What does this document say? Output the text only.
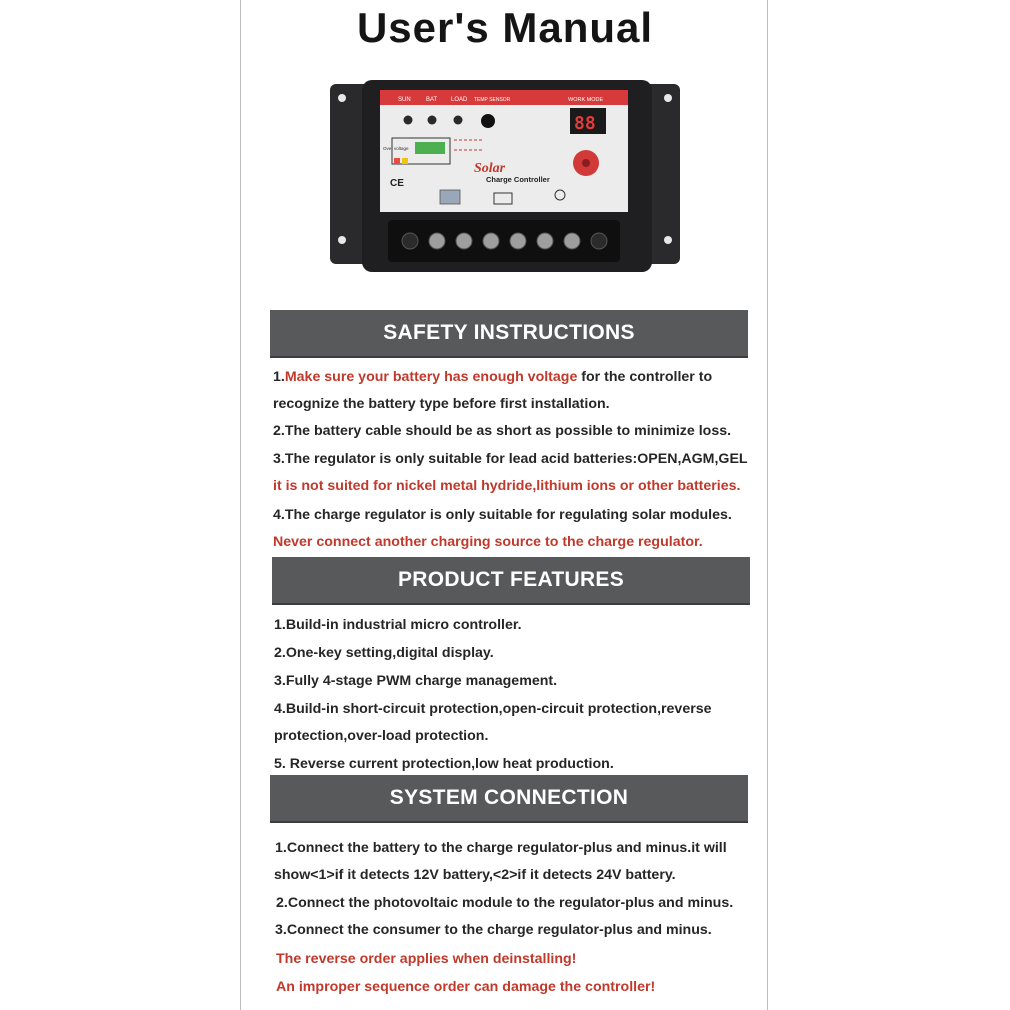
User's Manual
SUN	BAT LOAD TEMP SENSOR	WORK MODE
88
Over voltage
CE
Solar
Charge Controller
SAFETY INSTRUCTIONS
1.Make sure your battery has enough voltage for the controller to
recognize the battery type before first installation.
2.The battery cable should be as short as possible to minimize loss.
3.The regulator is only suitable for lead acid batteries:OPEN,AGM,GEL
it is not suited for nickel metal hydride,lithium ions or other batteries.
4.The charge regulator is only suitable for regulating solar modules.
Never connect another charging source to the charge regulator.
PRODUCT FEATURES
1.Build-in industrial micro controller.
2.One-key setting,digital display.
3.Fully 4-stage PWM charge management.
4.Build-in short-circuit protection,open-circuit protection,reverse
protection,over-load protection.
5. Reverse current protection,low heat production.
SYSTEM CONNECTION
1.Connect the battery to the charge regulator-plus and minus.it will
show<1>if it detects 12V battery,<2>if it detects 24V battery.
2.Connect the photovoltaic module to the regulator-plus and minus.
3.Connect the consumer to the charge regulator-plus and minus.
The reverse order applies when deinstalling!
An improper sequence order can damage the controller!
